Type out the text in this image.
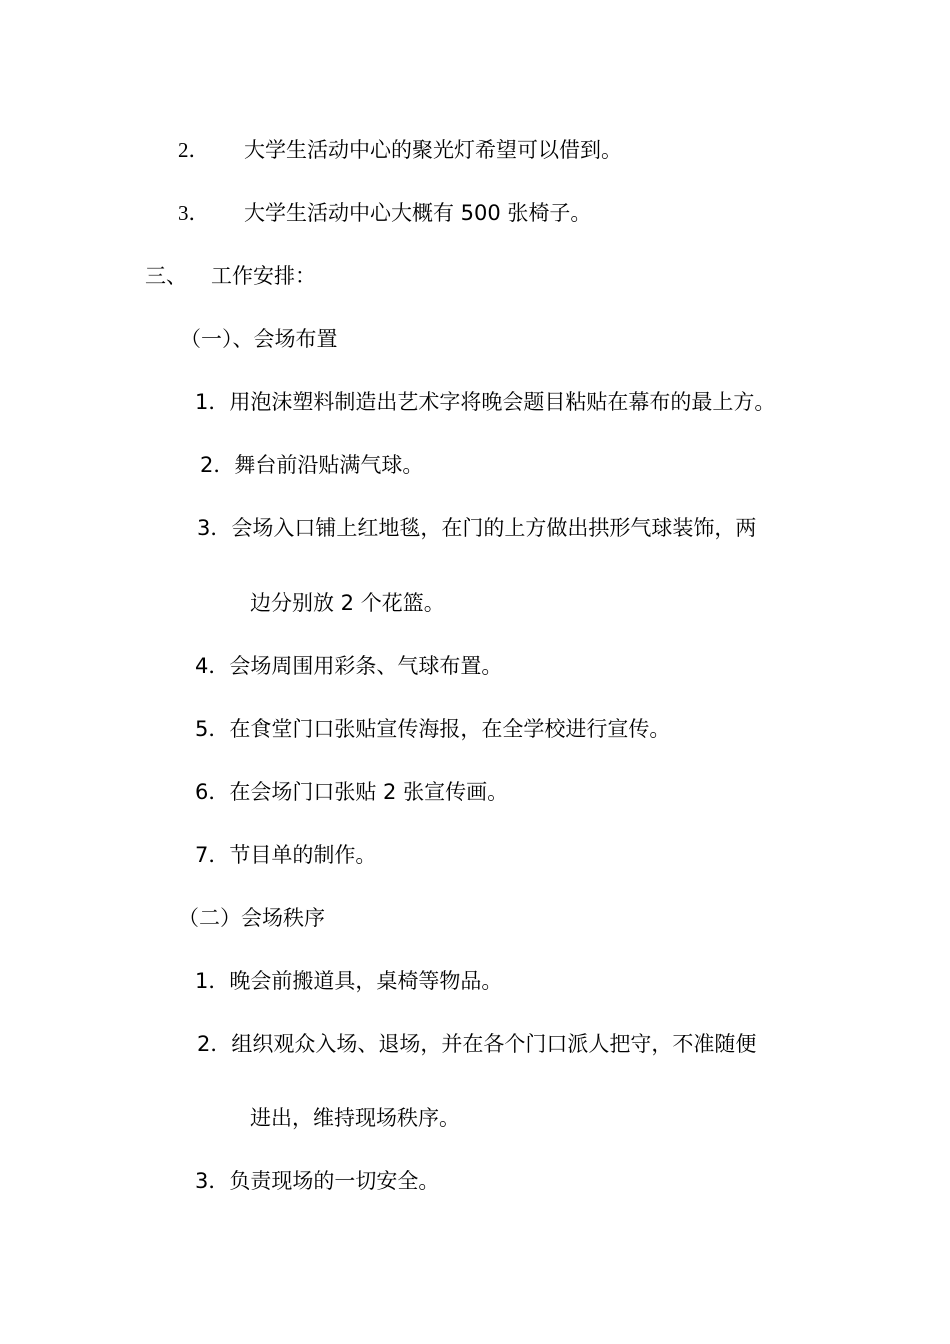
2． 大学生活动中心的聚光灯希望可以借到。
3． 大学生活动中心大概有 500 张椅子。
三、 工作安排：
（一）、会场布置
1．用泡沫塑料制造出艺术字将晚会题目粘贴在幕布的最上方。
2．舞台前沿贴满气球。
3．会场入口铺上红地毯，在门的上方做出拱形气球装饰，两
边分别放 2 个花篮。
4．会场周围用彩条、气球布置。
5．在食堂门口张贴宣传海报，在全学校进行宣传。
6．在会场门口张贴 2 张宣传画。
7．节目单的制作。
（二）会场秩序
1．晚会前搬道具，桌椅等物品。
2．组织观众入场、退场，并在各个门口派人把守，不准随便
进出，维持现场秩序。
3．负责现场的一切安全。
